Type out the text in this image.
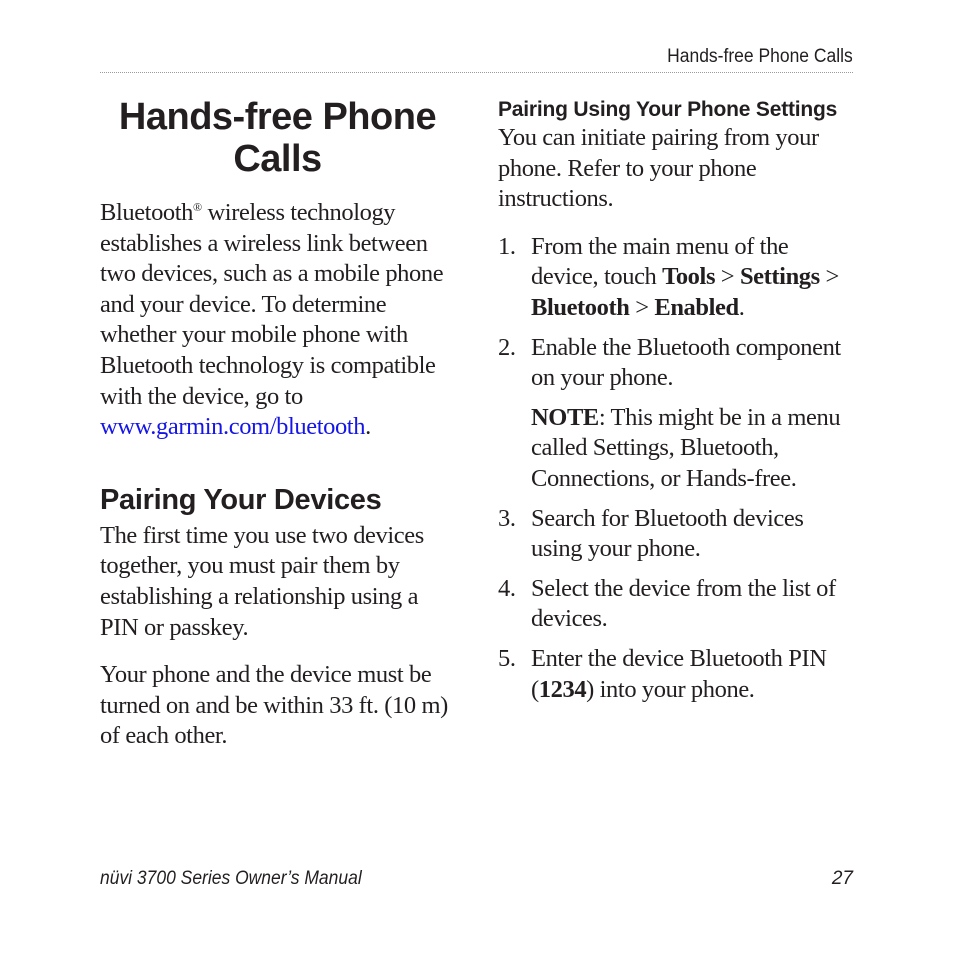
Hands-free Phone Calls
Hands-free Phone Calls

Bluetooth® wireless technology establishes a wireless link between two devices, such as a mobile phone and your device. To determine whether your mobile phone with Bluetooth technology is compatible with the device, go to www.garmin.com/bluetooth.

Pairing Your Devices

The first time you use two devices together, you must pair them by establishing a relationship using a PIN or passkey.

Your phone and the device must be turned on and be within 33 ft. (10 m) of each other.

Pairing Using Your Phone Settings

You can initiate pairing from your phone. Refer to your phone instructions.

1. From the main menu of the device, touch Tools > Settings > Bluetooth > Enabled.
2. Enable the Bluetooth component on your phone.

NOTE: This might be in a menu called Settings, Bluetooth, Connections, or Hands-free.

3. Search for Bluetooth devices using your phone.
4. Select the device from the list of devices.
5. Enter the device Bluetooth PIN (1234) into your phone.
nüvi 3700 Series Owner’s Manual	27
